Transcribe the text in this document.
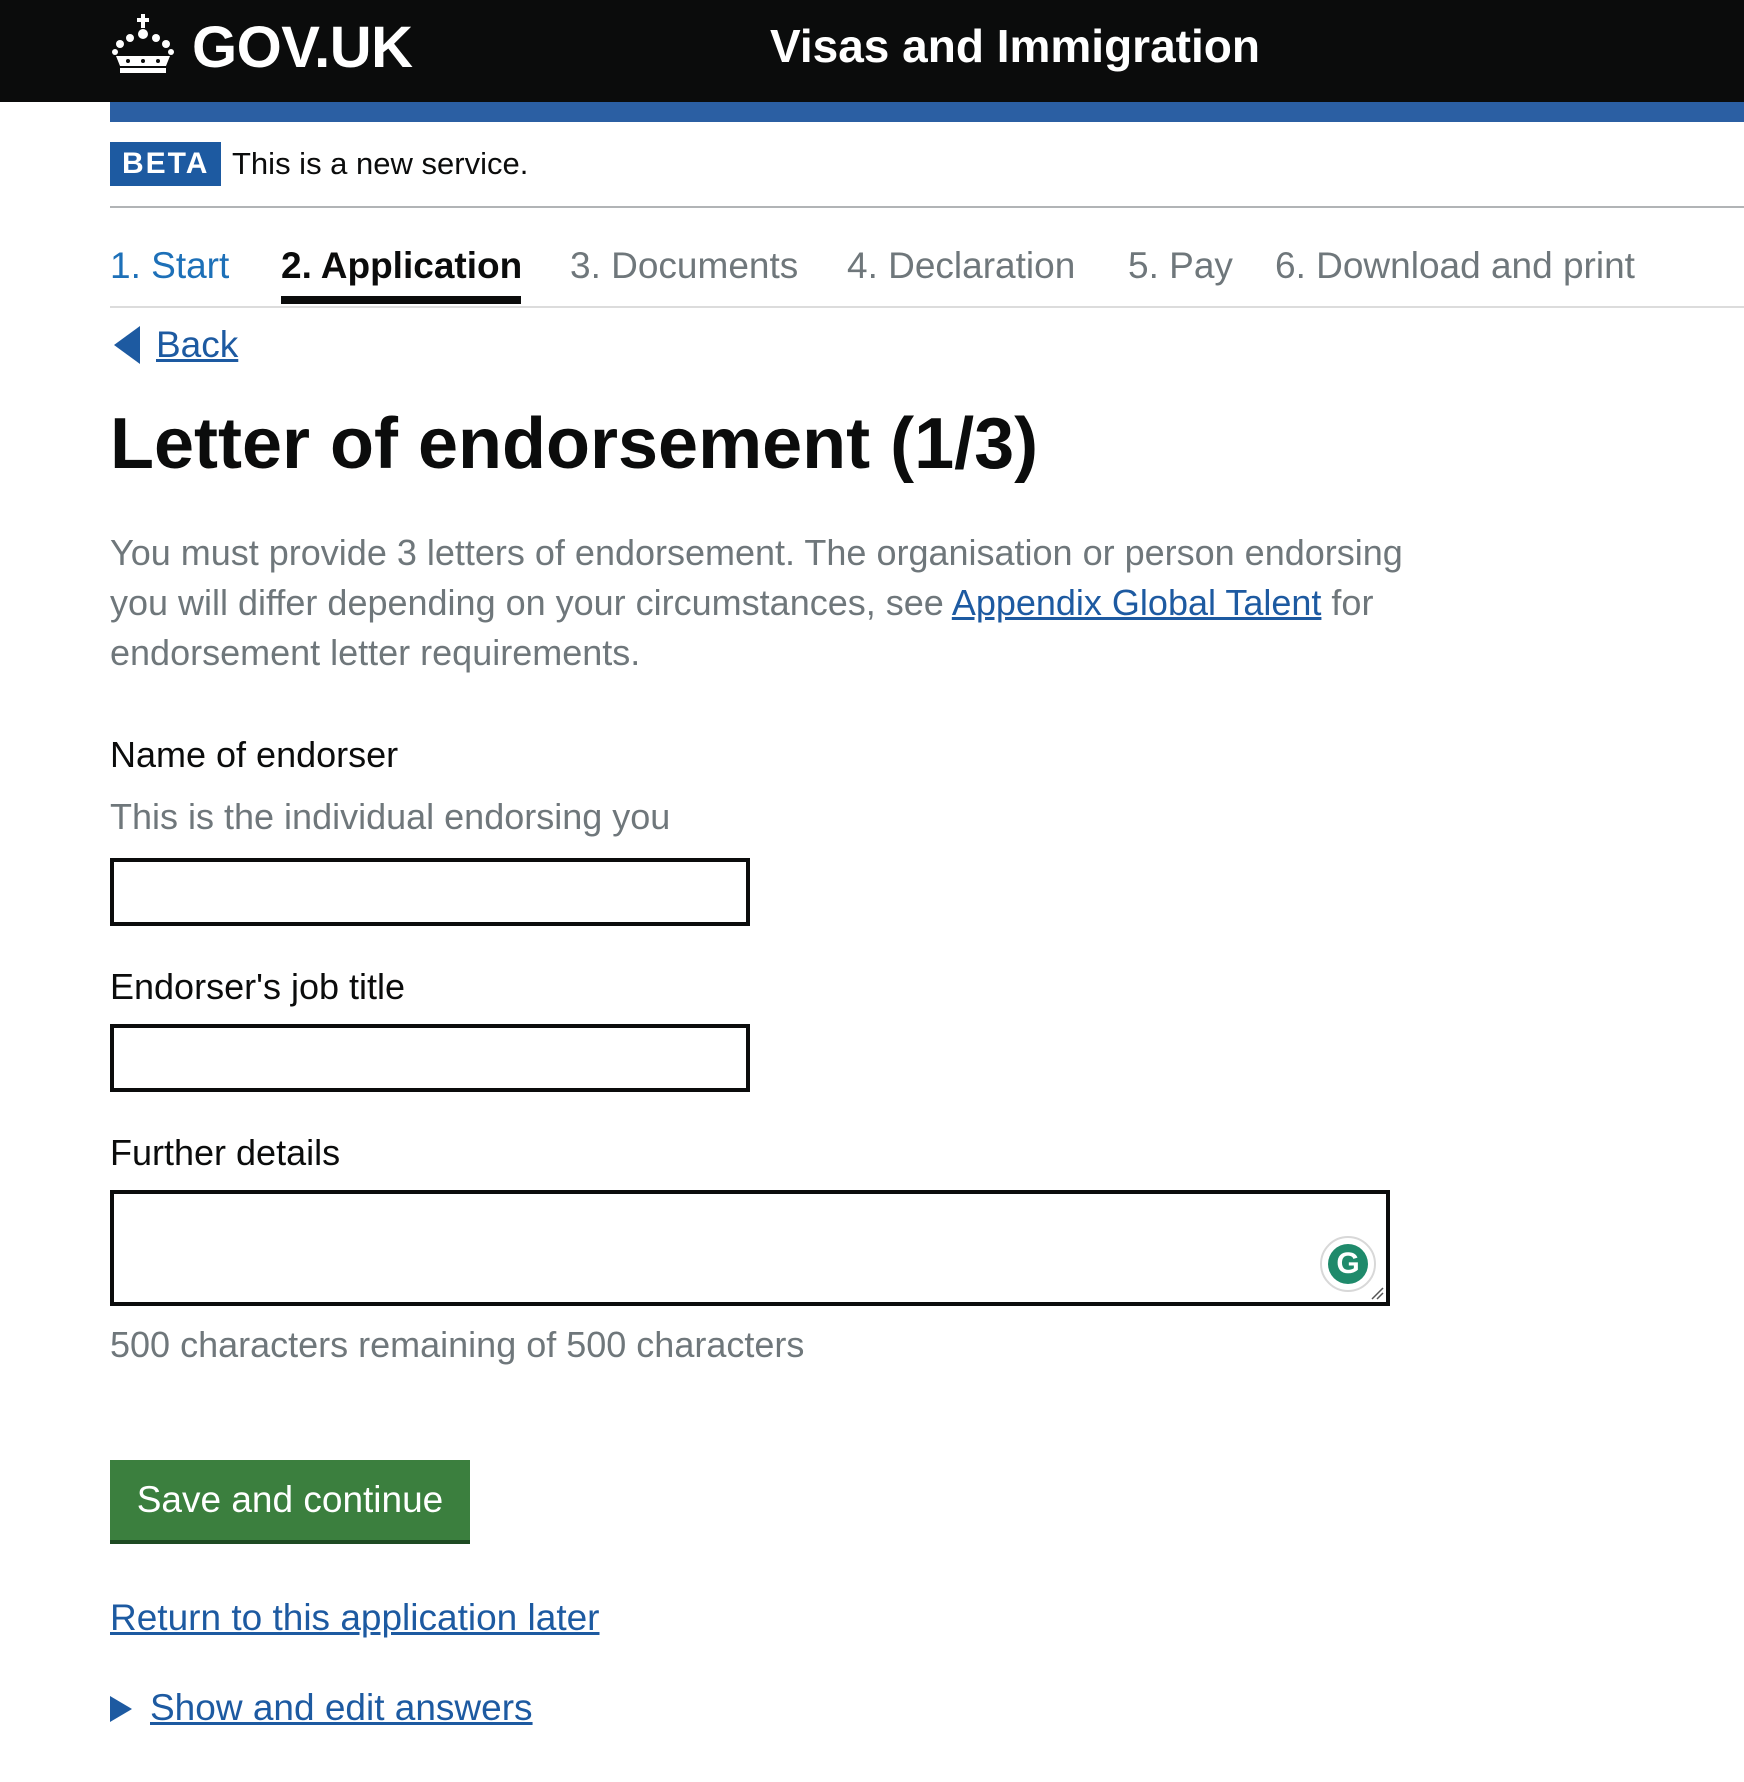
GOV.UK	Visas and Immigration
BETA This is a new service.
1. Start 2. Application 3. Documents 4. Declaration 5. Pay 6. Download and print
Back
Letter of endorsement (1/3)

You must provide 3 letters of endorsement. The organisation or person endorsing you will differ depending on your circumstances, see Appendix Global Talent for endorsement letter requirements.

Name of endorser
This is the individual endorsing you
Endorser's job title
Further details
G
500 characters remaining of 500 characters
Save and continue
Return to this application later
Show and edit answers
